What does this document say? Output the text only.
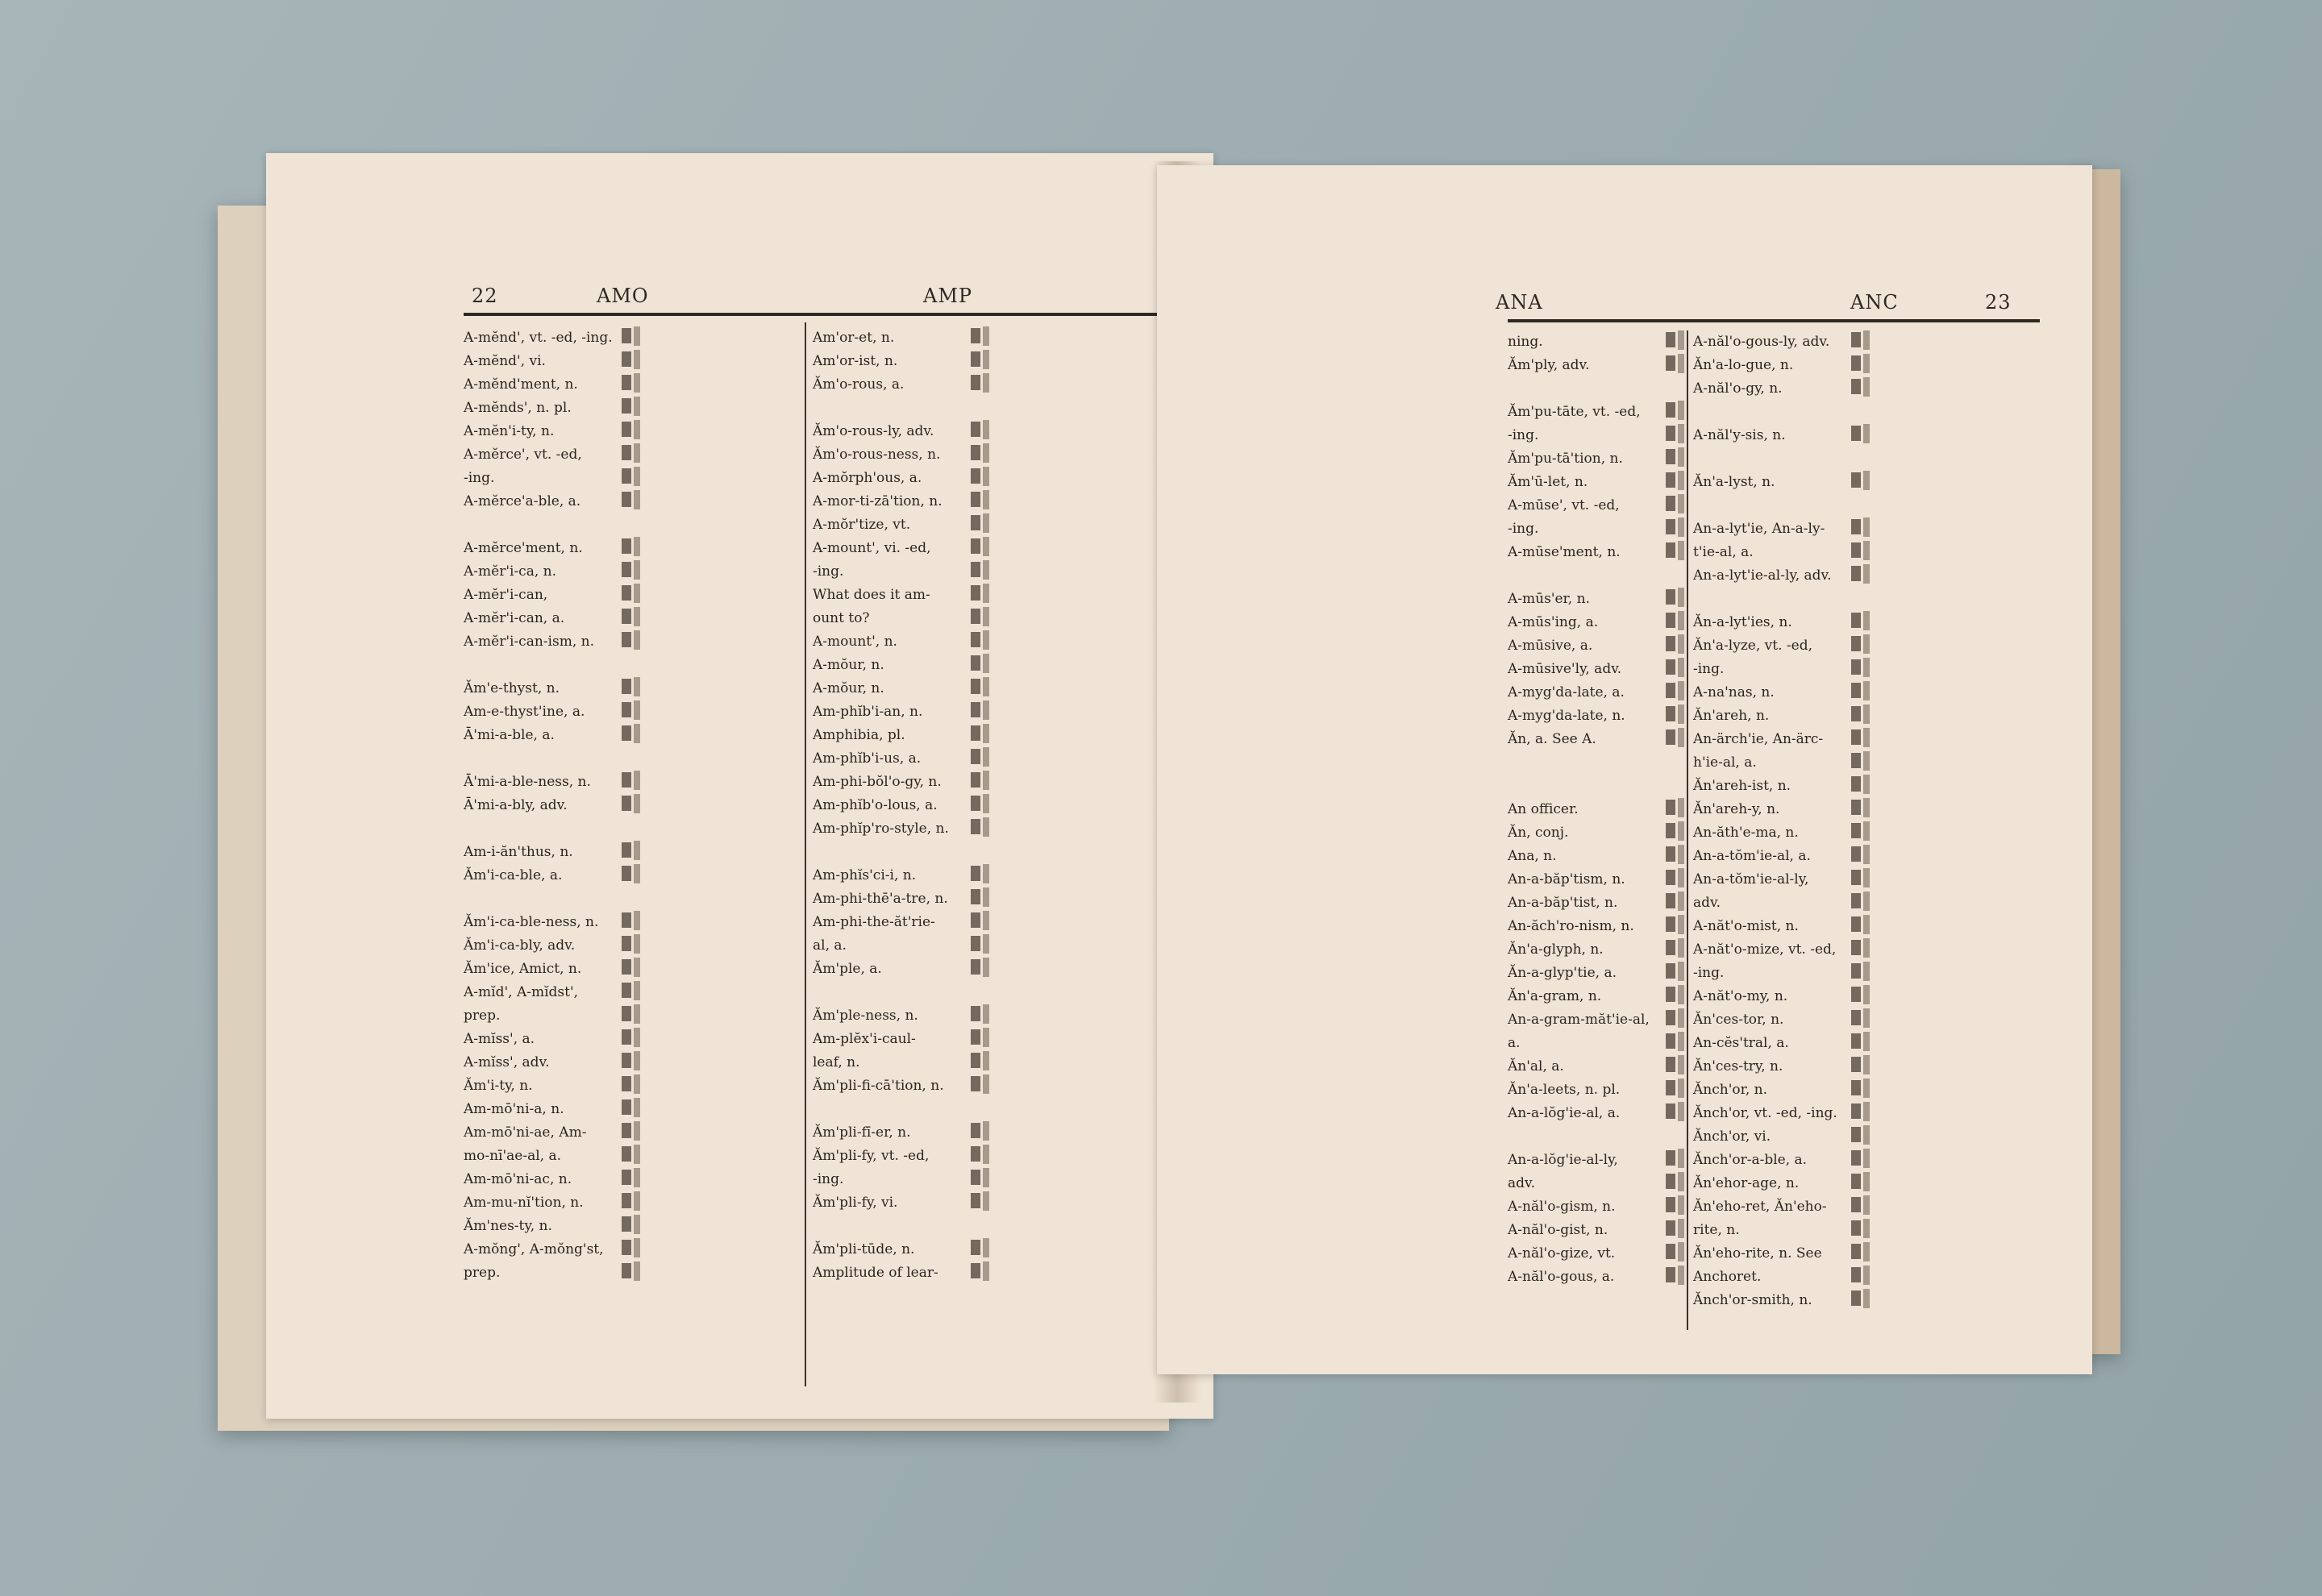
22	AMO	AMP
A-mĕnd', vt. -ed, -ing.
A-mĕnd', vi.
A-mĕnd'ment, n.
A-mĕnds', n. pl.
A-mĕn'i-ty, n.
A-mĕrce', vt. -ed,
-ing.
A-mĕrce'a-ble, a.
A-mĕrce'ment, n.
A-mĕr'i-ca, n.
A-mĕr'i-can,
A-mĕr'i-can, a.
A-mĕr'i-can-ism, n.
Ăm'e-thyst, n.
Am-e-thyst'ine, a.
Ā'mi-a-ble, a.
Ā'mi-a-ble-ness, n.
Ā'mi-a-bly, adv.
Am-i-ăn'thus, n.
Ăm'i-ca-ble, a.
Ăm'i-ca-ble-ness, n.
Ăm'i-ca-bly, adv.
Ăm'ice, Amict, n.
A-mĭd', A-mĭdst',
prep.
A-mĭss', a.
A-mĭss', adv.
Ăm'i-ty, n.
Am-mō'ni-a, n.
Am-mō'ni-ae, Am-
mo-nī'ae-al, a.
Am-mō'ni-ac, n.
Am-mu-nĭ'tion, n.
Ăm'nes-ty, n.
A-mŏng', A-mŏng'st,
prep.
Am'or-et, n.
Am'or-ist, n.
Ăm'o-rous, a.
Ăm'o-rous-ly, adv.
Ăm'o-rous-ness, n.
A-mŏrph'ous, a.
A-mor-ti-zā'tion, n.
A-mŏr'tize, vt.
A-mount', vi. -ed,
-ing.
What does it am-
ount to?
A-mount', n.
A-mŏur, n.
A-mŏur, n.
Am-phĭb'i-an, n.
Amphibia, pl.
Am-phĭb'i-us, a.
Am-phi-bŏl'o-gy, n.
Am-phĭb'o-lous, a.
Am-phĭp'ro-style, n.
Am-phĭs'ci-i, n.
Am-phi-thē'a-tre, n.
Am-phi-the-ăt'rie-
al, a.
Ăm'ple, a.
Ăm'ple-ness, n.
Am-plĕx'i-caul-
leaf, n.
Ăm'pli-fi-cā'tion, n.
Ăm'pli-fī-er, n.
Ăm'pli-fy, vt. -ed,
-ing.
Ăm'pli-fy, vi.
Ăm'pli-tūde, n.
Amplitude of lear-
ANA	ANC	23
ning.
Ăm'ply, adv.
Ăm'pu-tāte, vt. -ed,
-ing.
Ăm'pu-tā'tion, n.
Ăm'ū-let, n.
A-mūse', vt. -ed,
-ing.
A-mūse'ment, n.
A-mūs'er, n.
A-mūs'ing, a.
A-mūsive, a.
A-mūsive'ly, adv.
A-myg'da-late, a.
A-myg'da-late, n.
Ăn, a. See A.
An officer.
Ăn, conj.
Ana, n.
An-a-băp'tism, n.
An-a-băp'tist, n.
An-ăch'ro-nism, n.
Ăn'a-glyph, n.
Ăn-a-glyp'tie, a.
Ăn'a-gram, n.
An-a-gram-măt'ie-al,
a.
Ăn'al, a.
Ăn'a-leets, n. pl.
An-a-lŏg'ie-al, a.
An-a-lŏg'ie-al-ly,
adv.
A-năl'o-gism, n.
A-năl'o-gist, n.
A-năl'o-gize, vt.
A-năl'o-gous, a.
A-năl'o-gous-ly, adv.
Ăn'a-lo-gue, n.
A-năl'o-gy, n.
A-năl'y-sis, n.
Ăn'a-lyst, n.
An-a-lyt'ie, An-a-ly-
t'ie-al, a.
An-a-lyt'ie-al-ly, adv.
Ăn-a-lyt'ies, n.
Ăn'a-lyze, vt. -ed,
-ing.
A-na'nas, n.
Ăn'areh, n.
An-ärch'ie, An-ärc-
h'ie-al, a.
Ăn'areh-ist, n.
Ăn'areh-y, n.
An-ăth'e-ma, n.
An-a-tŏm'ie-al, a.
An-a-tŏm'ie-al-ly,
adv.
A-năt'o-mist, n.
A-năt'o-mize, vt. -ed,
-ing.
A-năt'o-my, n.
Ăn'ces-tor, n.
An-cĕs'tral, a.
Ăn'ces-try, n.
Ănch'or, n.
Ănch'or, vt. -ed, -ing.
Ănch'or, vi.
Ănch'or-a-ble, a.
Ăn'ehor-age, n.
Ăn'eho-ret, Ăn'eho-
rite, n.
Ăn'eho-rite, n. See
Anchoret.
Ănch'or-smith, n.
